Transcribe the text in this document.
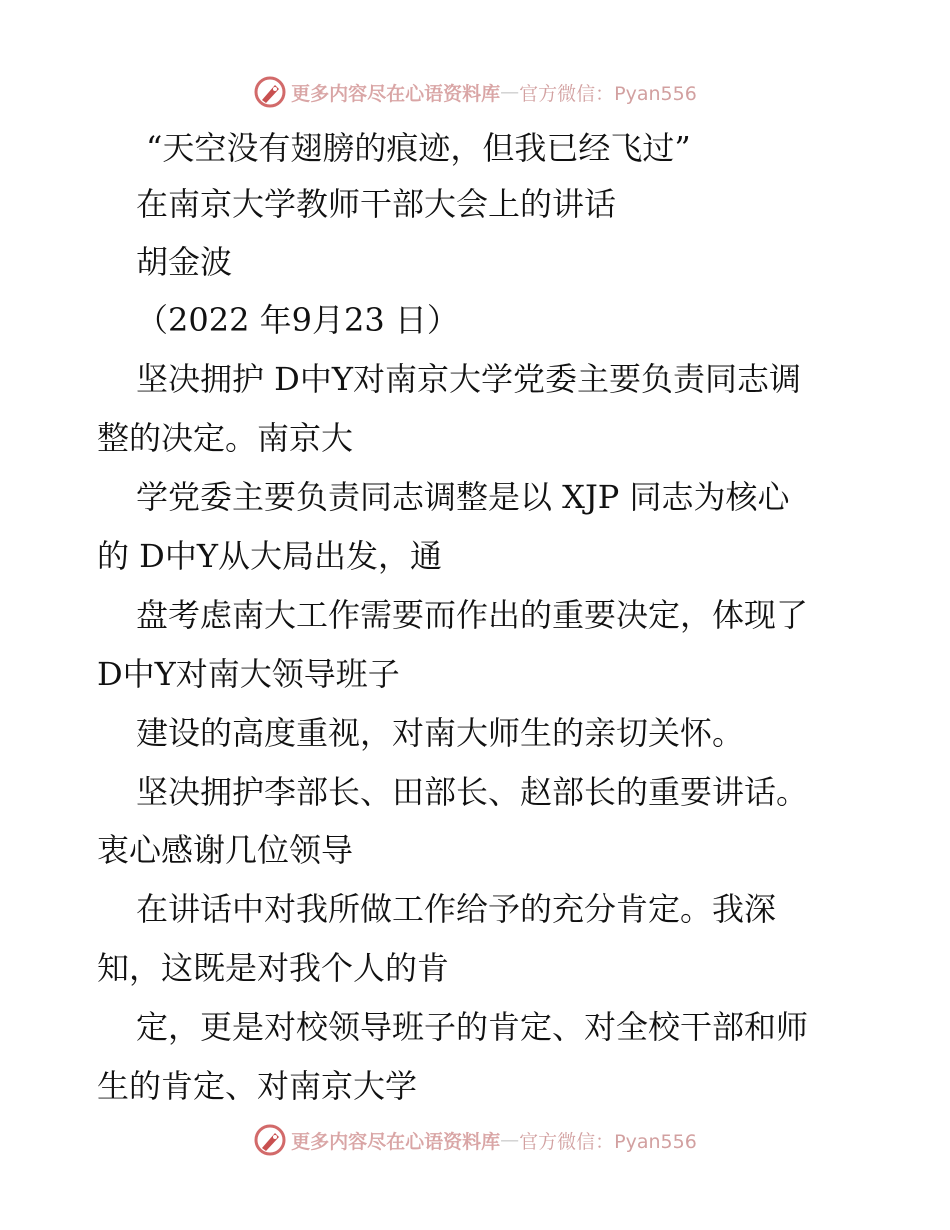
更多内容尽在心语资料库 — 官方微信：Pyan556
“天空没有翅膀的痕迹，但我已经飞过”
在南京大学教师干部大会上的讲话
胡金波
（2022 年9月23 日）
坚决拥护 D中Y对南京大学党委主要负责同志调
整的决定。南京大
学党委主要负责同志调整是以 XJP 同志为核心
的 D中Y从大局出发，通
盘考虑南大工作需要而作出的重要决定，体现了
D中Y对南大领导班子
建设的高度重视，对南大师生的亲切关怀。
坚决拥护李部长、田部长、赵部长的重要讲话。
衷心感谢几位领导
在讲话中对我所做工作给予的充分肯定。我深
知，这既是对我个人的肯
定，更是对校领导班子的肯定、对全校干部和师
生的肯定、对南京大学
更多内容尽在心语资料库 — 官方微信：Pyan556
